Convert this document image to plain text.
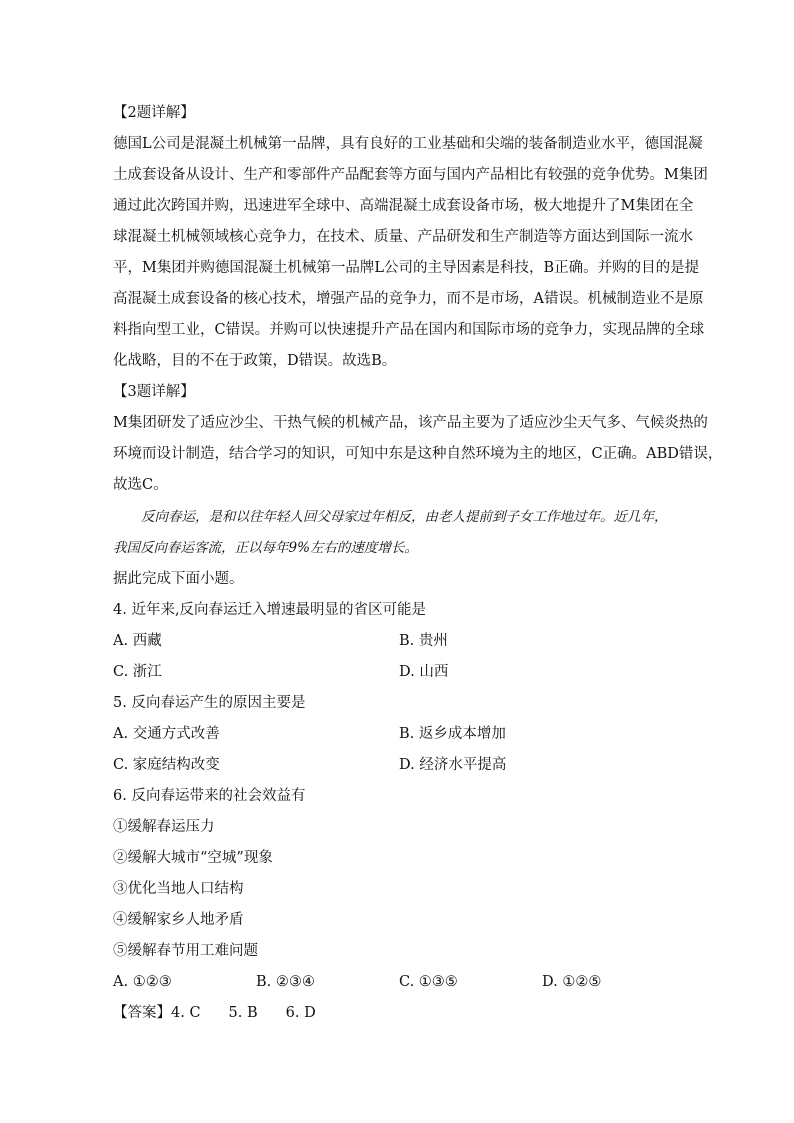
【2题详解】
德国L公司是混凝土机械第一品牌，具有良好的工业基础和尖端的装备制造业水平，德国混凝
土成套设备从设计、生产和零部件产品配套等方面与国内产品相比有较强的竞争优势。M集团
通过此次跨国并购，迅速进军全球中、高端混凝土成套设备市场，极大地提升了M集团在全
球混凝土机械领域核心竞争力，在技术、质量、产品研发和生产制造等方面达到国际一流水
平，M集团并购德国混凝土机械第一品牌L公司的主导因素是科技，B正确。并购的目的是提
高混凝土成套设备的核心技术，增强产品的竞争力，而不是市场，A错误。机械制造业不是原
料指向型工业，C错误。并购可以快速提升产品在国内和国际市场的竞争力，实现品牌的全球
化战略，目的不在于政策，D错误。故选B。
【3题详解】
M集团研发了适应沙尘、干热气候的机械产品，该产品主要为了适应沙尘天气多、气候炎热的
环境而设计制造，结合学习的知识，可知中东是这种自然环境为主的地区，C正确。ABD错误，
故选C。
反向春运，是和以往年轻人回父母家过年相反，由老人提前到子女工作地过年。近几年，
我国反向春运客流，正以每年9%左右的速度增长。
据此完成下面小题。
4. 近年来,反向春运迁入增速最明显的省区可能是
A. 西藏	B. 贵州
C. 浙江	D. 山西
5. 反向春运产生的原因主要是
A. 交通方式改善	B. 返乡成本增加
C. 家庭结构改变	D. 经济水平提高
6. 反向春运带来的社会效益有
①缓解春运压力
②缓解大城市“空城”现象
③优化当地人口结构
④缓解家乡人地矛盾
⑤缓解春节用工难问题
A. ①②③	B. ②③④	C. ①③⑤	D. ①②⑤
【答案】4. C 5. B 6. D
